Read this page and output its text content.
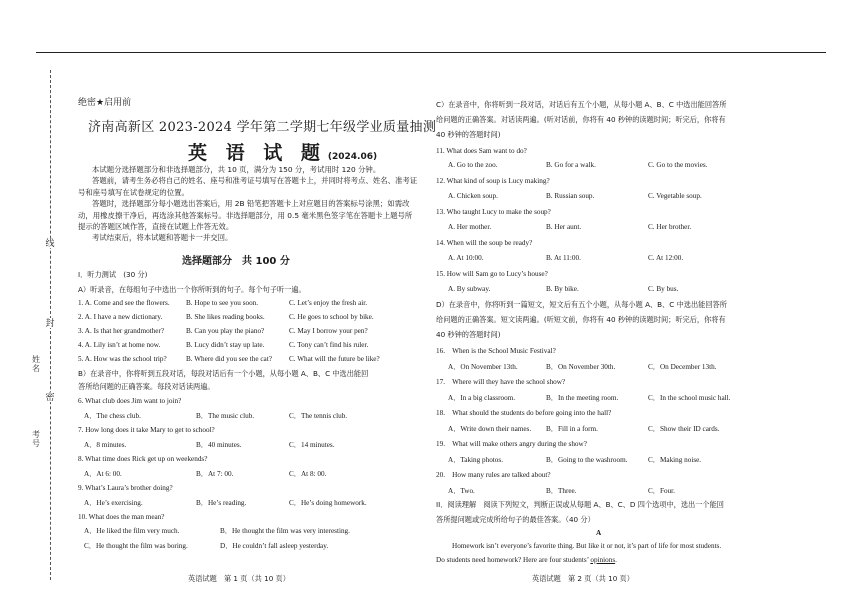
线
封
密
姓名
考号
绝密★启用前
济南高新区 2023-2024 学年第二学期七年级学业质量抽测
英 语 试 题 (2024.06)

本试题分选择题部分和非选择题部分，共 10 页，满分为 150 分，考试用时 120 分钟。

答题前，请考生务必将自己的姓名、座号和准考证号填写在答题卡上，并同时将考点、姓名、准考证号和座号填写在试卷规定的位置。

答题时，选择题部分每小题选出答案后，用 2B 铅笔把答题卡上对应题目的答案标号涂黑；如需改动，用橡皮擦干净后，再选涂其他答案标号。非选择题部分，用 0.5 毫米黑色签字笔在答题卡上题号所提示的答题区域作答，直接在试题上作答无效。

考试结束后，将本试题和答题卡一并交回。

选择题部分　共 100 分
I．听力测试　(30 分)
A）听录音，在每组句子中选出一个你所听到的句子。每个句子听一遍。
1. A. Come and see the flowers. B. Hope to see you soon.	C. Let’s enjoy the fresh air.
2. A. I have a new dictionary.	B. She likes reading books.	C. He goes to school by bike.
3. A. Is that her grandmother?	B. Can you play the piano?	C. May I borrow your pen?
4. A. Lily isn’t at home now.	B. Lucy didn’t stay up late.	C. Tony can’t find his ruler.
5. A. How was the school trip?	B. Where did you see the cat? C. What will the future be like?
B）在录音中，你将听到五段对话，每段对话后有一个小题，从每小题 A、B、C 中选出能回
答所给问题的正确答案。每段对话读两遍。
6. What club does Jim want to join?
A．The chess club.	B．The music club.	C．The tennis club.
7. How long does it take Mary to get to school?
A．8 minutes.	B．40 minutes.	C．14 minutes.
8. What time does Rick get up on weekends?
A．At 6: 00.	B．At 7: 00.	C．At 8: 00.
9. What’s Laura’s brother doing?
A．He’s exercising.	B．He’s reading.	C．He’s doing homework.
10. What does the man mean?
A．He liked the film very much.	B．He thought the film was very interesting.
C．He thought the film was boring.	D．He couldn’t fall asleep yesterday.
英语试题　第 1 页（共 10 页）
C）在录音中，你将听到一段对话，对话后有五个小题，从每小题 A、B、C 中选出能回答所
给问题的正确答案。对话读两遍。(听对话前，你将有 40 秒钟的读题时间；听完后，你将有
40 秒钟的答题时间)
11. What does Sam want to do?
A. Go to the zoo.	B. Go for a walk.	C. Go to the movies.
12. What kind of soup is Lucy making?
A. Chicken soup.	B. Russian soup.	C. Vegetable soup.
13. Who taught Lucy to make the soup?
A. Her mother.	B. Her aunt.	C. Her brother.
14. When will the soup be ready?
A. At 10:00.	B. At 11:00.	C. At 12:00.
15. How will Sam go to Lucy’s house?
A. By subway.	B. By bike.	C. By bus.
D）在录音中，你将听到一篇短文，短文后有五个小题，从每小题 A、B、C 中选出能回答所
给问题的正确答案。短文读两遍。(听短文前，你将有 40 秒钟的读题时间；听完后，你将有
40 秒钟的答题时间)
16.　When is the School Music Festival?
A．On November 13th.	B．On November 30th.	C．On December 13th.
17.　Where will they have the school show?
A．In a big classroom.	B．In the meeting room.	C．In the school music hall.
18.　What should the students do before going into the hall?
A．Write down their names. B．Fill in a form.	C．Show their ID cards.
19.　What will make others angry during the show?
A．Taking photos.	B．Going to the washroom.	C．Making noise.
20.　How many rules are talked about?
A．Two.	B．Three.	C．Four.
II．阅读理解　阅读下列短文，判断正误或从每题 A、B、C、D 四个选项中，选出一个能回
答所提问题或完成所给句子的最佳答案。（40 分）
A
Homework isn’t everyone’s favorite thing. But like it or not, it’s part of life for most students.
Do students need homework? Here are four students’ opinions.
英语试题　第 2 页（共 10 页）
